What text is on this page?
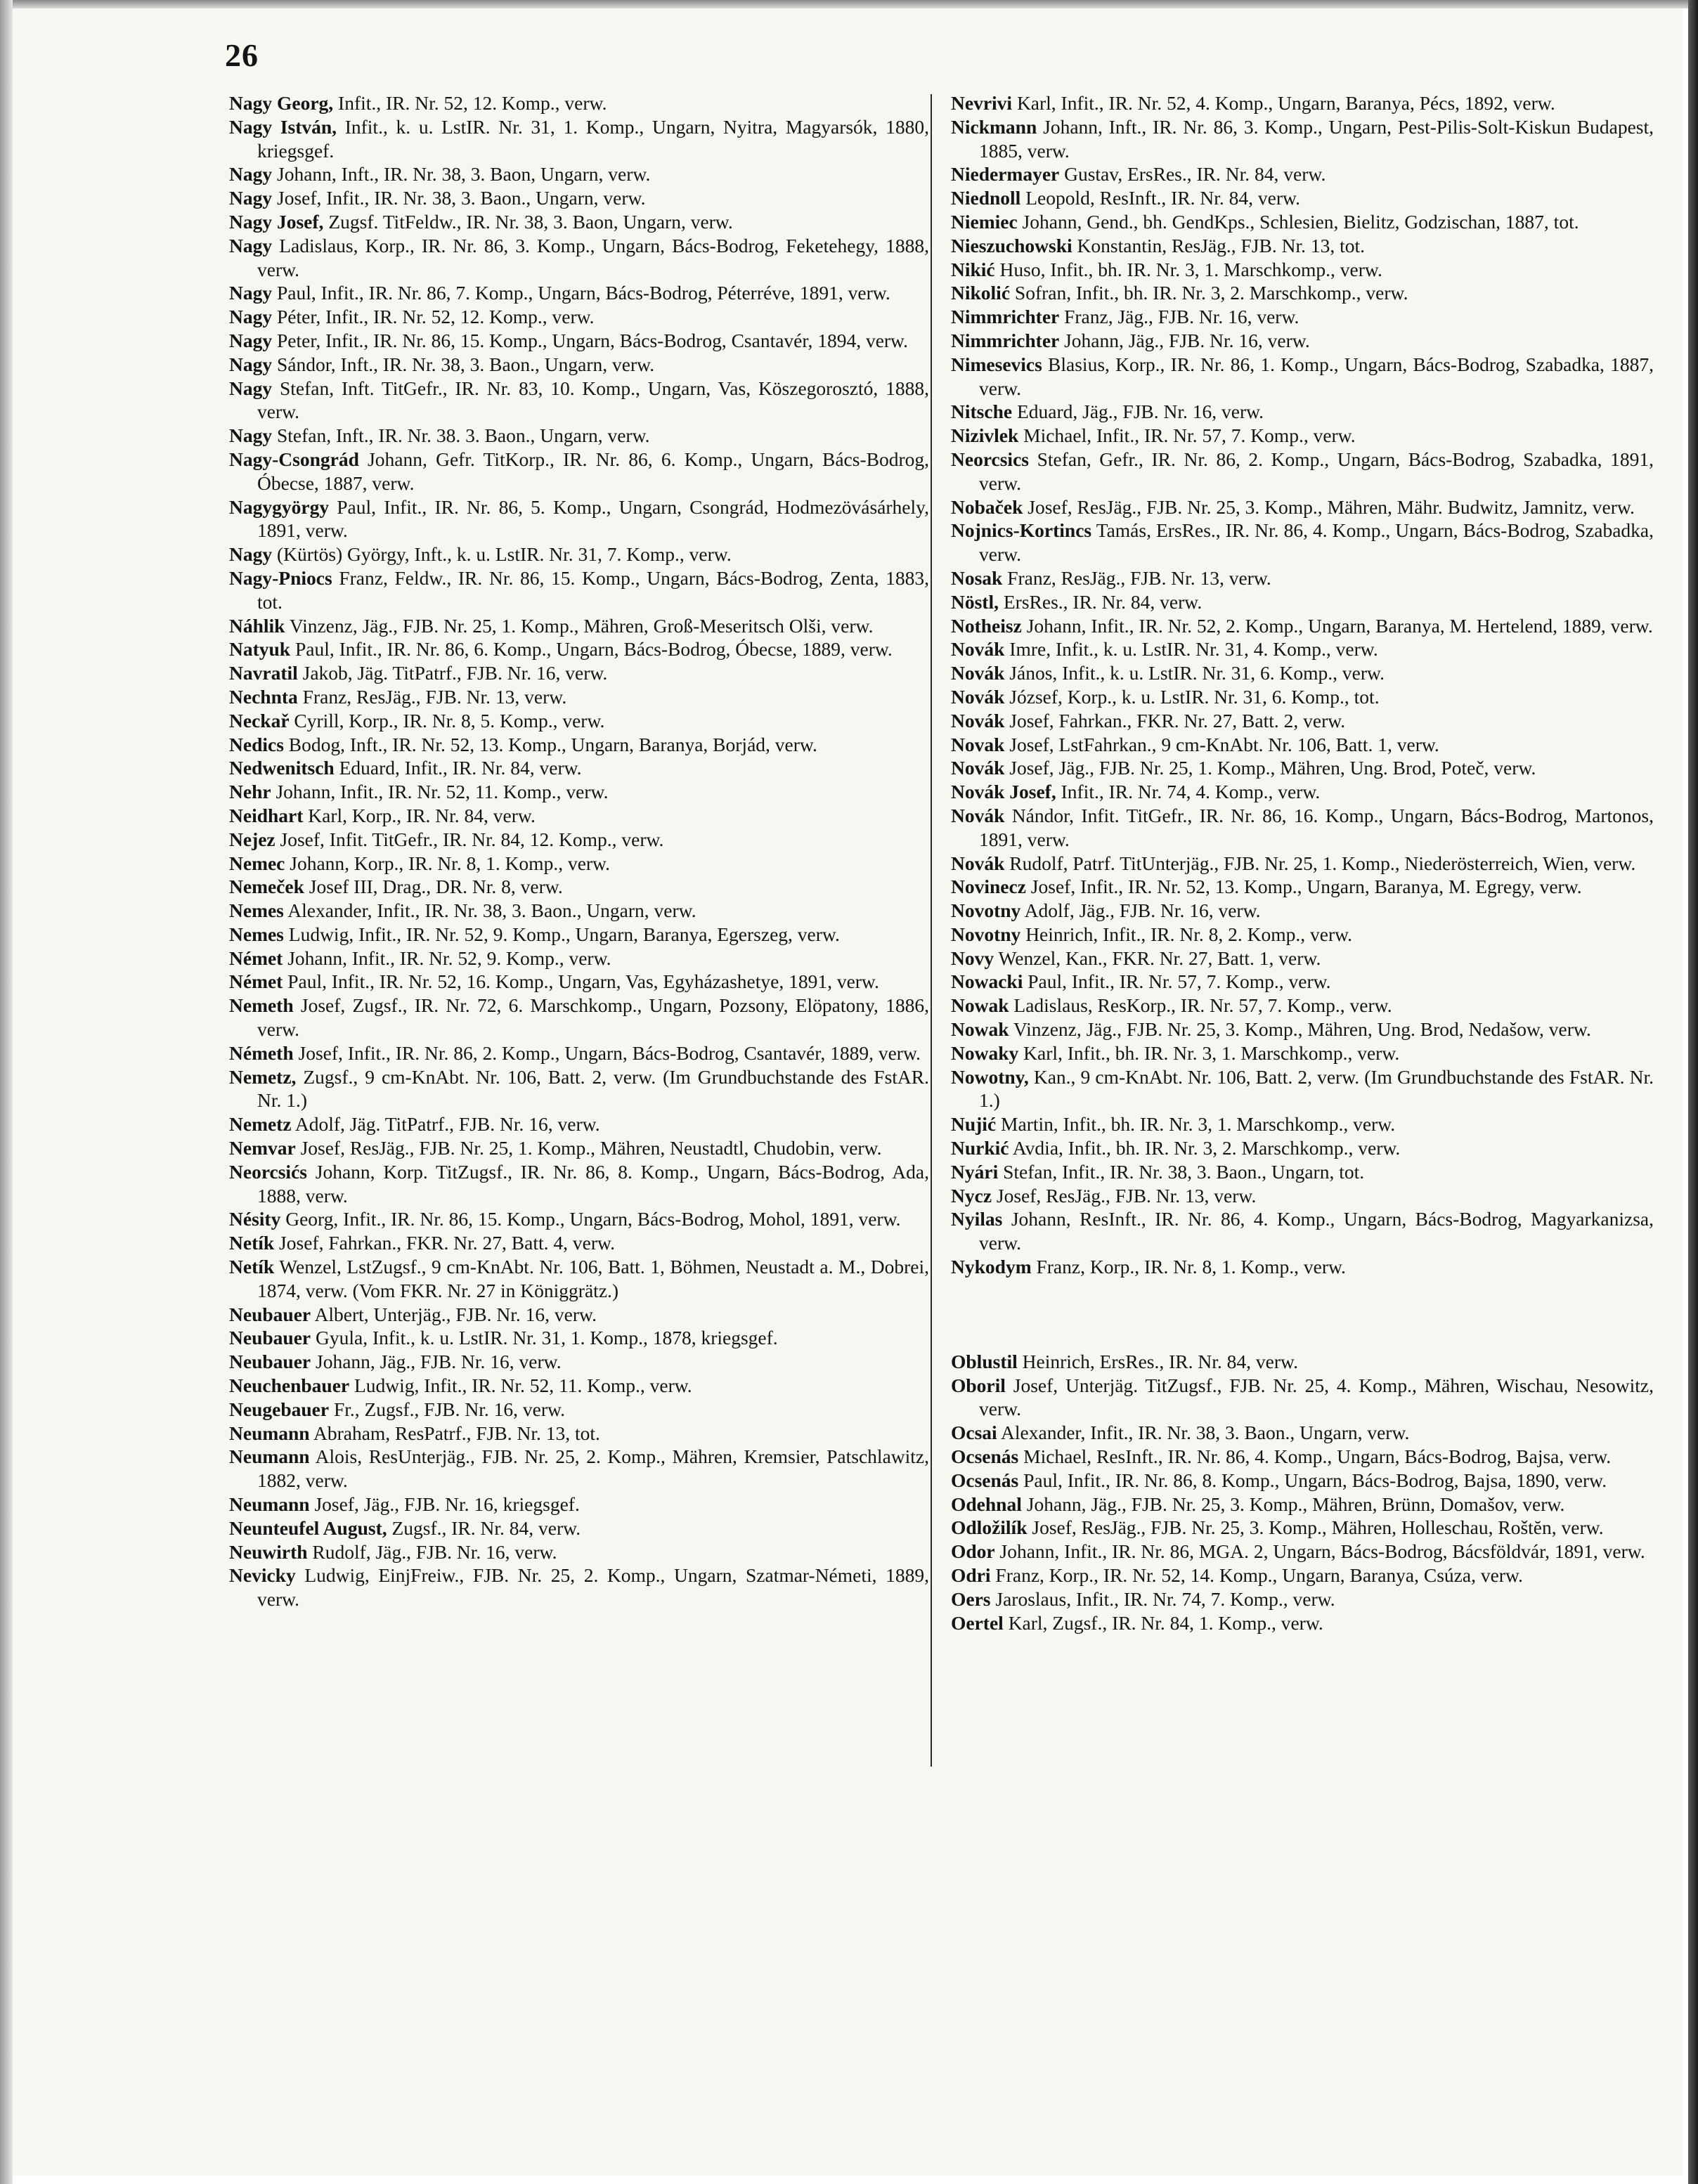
26

Nagy Georg, Infit., IR. Nr. 52, 12. Komp., verw.

Nagy István, Infit., k. u. LstIR. Nr. 31, 1. Komp., Ungarn, Nyitra, Magyarsók, 1880, kriegsgef.

Nagy Johann, Inft., IR. Nr. 38, 3. Baon, Ungarn, verw.

Nagy Josef, Infit., IR. Nr. 38, 3. Baon., Ungarn, verw.

Nagy Josef, Zugsf. TitFeldw., IR. Nr. 38, 3. Baon, Ungarn, verw.

Nagy Ladislaus, Korp., IR. Nr. 86, 3. Komp., Ungarn, Bács-Bodrog, Feketehegy, 1888, verw.

Nagy Paul, Infit., IR. Nr. 86, 7. Komp., Ungarn, Bács-Bodrog, Péterréve, 1891, verw.

Nagy Péter, Infit., IR. Nr. 52, 12. Komp., verw.

Nagy Peter, Infit., IR. Nr. 86, 15. Komp., Ungarn, Bács-Bodrog, Csantavér, 1894, verw.

Nagy Sándor, Inft., IR. Nr. 38, 3. Baon., Ungarn, verw.

Nagy Stefan, Inft. TitGefr., IR. Nr. 83, 10. Komp., Ungarn, Vas, Köszegorosztó, 1888, verw.

Nagy Stefan, Inft., IR. Nr. 38. 3. Baon., Ungarn, verw.

Nagy-Csongrád Johann, Gefr. TitKorp., IR. Nr. 86, 6. Komp., Ungarn, Bács-Bodrog, Óbecse, 1887, verw.

Nagygyörgy Paul, Infit., IR. Nr. 86, 5. Komp., Ungarn, Csongrád, Hodmezövásárhely, 1891, verw.

Nagy (Kürtös) György, Inft., k. u. LstIR. Nr. 31, 7. Komp., verw.

Nagy-Pniocs Franz, Feldw., IR. Nr. 86, 15. Komp., Ungarn, Bács-Bodrog, Zenta, 1883, tot.

Náhlik Vinzenz, Jäg., FJB. Nr. 25, 1. Komp., Mähren, Groß-Meseritsch Olši, verw.

Natyuk Paul, Infit., IR. Nr. 86, 6. Komp., Ungarn, Bács-Bodrog, Óbecse, 1889, verw.

Navratil Jakob, Jäg. TitPatrf., FJB. Nr. 16, verw.

Nechnta Franz, ResJäg., FJB. Nr. 13, verw.

Neckař Cyrill, Korp., IR. Nr. 8, 5. Komp., verw.

Nedics Bodog, Inft., IR. Nr. 52, 13. Komp., Ungarn, Baranya, Borjád, verw.

Nedwenitsch Eduard, Infit., IR. Nr. 84, verw.

Nehr Johann, Infit., IR. Nr. 52, 11. Komp., verw.

Neidhart Karl, Korp., IR. Nr. 84, verw.

Nejez Josef, Infit. TitGefr., IR. Nr. 84, 12. Komp., verw.

Nemec Johann, Korp., IR. Nr. 8, 1. Komp., verw.

Nemeček Josef III, Drag., DR. Nr. 8, verw.

Nemes Alexander, Infit., IR. Nr. 38, 3. Baon., Ungarn, verw.

Nemes Ludwig, Infit., IR. Nr. 52, 9. Komp., Ungarn, Baranya, Egerszeg, verw.

Német Johann, Infit., IR. Nr. 52, 9. Komp., verw.

Német Paul, Infit., IR. Nr. 52, 16. Komp., Ungarn, Vas, Egyházashetye, 1891, verw.

Nemeth Josef, Zugsf., IR. Nr. 72, 6. Marschkomp., Ungarn, Pozsony, Elöpatony, 1886, verw.

Németh Josef, Infit., IR. Nr. 86, 2. Komp., Ungarn, Bács-Bodrog, Csantavér, 1889, verw.

Nemetz, Zugsf., 9 cm-KnAbt. Nr. 106, Batt. 2, verw. (Im Grundbuchstande des FstAR. Nr. 1.)

Nemetz Adolf, Jäg. TitPatrf., FJB. Nr. 16, verw.

Nemvar Josef, ResJäg., FJB. Nr. 25, 1. Komp., Mähren, Neustadtl, Chudobin, verw.

Neorcsićs Johann, Korp. TitZugsf., IR. Nr. 86, 8. Komp., Ungarn, Bács-Bodrog, Ada, 1888, verw.

Nésity Georg, Infit., IR. Nr. 86, 15. Komp., Ungarn, Bács-Bodrog, Mohol, 1891, verw.

Netík Josef, Fahrkan., FKR. Nr. 27, Batt. 4, verw.

Netík Wenzel, LstZugsf., 9 cm-KnAbt. Nr. 106, Batt. 1, Böhmen, Neustadt a. M., Dobrei, 1874, verw. (Vom FKR. Nr. 27 in Königgrätz.)

Neubauer Albert, Unterjäg., FJB. Nr. 16, verw.

Neubauer Gyula, Infit., k. u. LstIR. Nr. 31, 1. Komp., 1878, kriegsgef.

Neubauer Johann, Jäg., FJB. Nr. 16, verw.

Neuchenbauer Ludwig, Infit., IR. Nr. 52, 11. Komp., verw.

Neugebauer Fr., Zugsf., FJB. Nr. 16, verw.

Neumann Abraham, ResPatrf., FJB. Nr. 13, tot.

Neumann Alois, ResUnterjäg., FJB. Nr. 25, 2. Komp., Mähren, Kremsier, Patschlawitz, 1882, verw.

Neumann Josef, Jäg., FJB. Nr. 16, kriegsgef.

Neunteufel August, Zugsf., IR. Nr. 84, verw.

Neuwirth Rudolf, Jäg., FJB. Nr. 16, verw.

Nevicky Ludwig, EinjFreiw., FJB. Nr. 25, 2. Komp., Ungarn, Szatmar-Németi, 1889, verw.

Nevrivi Karl, Infit., IR. Nr. 52, 4. Komp., Ungarn, Baranya, Pécs, 1892, verw.

Nickmann Johann, Inft., IR. Nr. 86, 3. Komp., Ungarn, Pest-Pilis-Solt-Kiskun Budapest, 1885, verw.

Niedermayer Gustav, ErsRes., IR. Nr. 84, verw.

Niednoll Leopold, ResInft., IR. Nr. 84, verw.

Niemiec Johann, Gend., bh. GendKps., Schlesien, Bielitz, Godzischan, 1887, tot.

Nieszuchowski Konstantin, ResJäg., FJB. Nr. 13, tot.

Nikić Huso, Infit., bh. IR. Nr. 3, 1. Marschkomp., verw.

Nikolić Sofran, Infit., bh. IR. Nr. 3, 2. Marschkomp., verw.

Nimmrichter Franz, Jäg., FJB. Nr. 16, verw.

Nimmrichter Johann, Jäg., FJB. Nr. 16, verw.

Nimesevics Blasius, Korp., IR. Nr. 86, 1. Komp., Ungarn, Bács-Bodrog, Szabadka, 1887, verw.

Nitsche Eduard, Jäg., FJB. Nr. 16, verw.

Nizivlek Michael, Infit., IR. Nr. 57, 7. Komp., verw.

Neorcsics Stefan, Gefr., IR. Nr. 86, 2. Komp., Ungarn, Bács-Bodrog, Szabadka, 1891, verw.

Nobaček Josef, ResJäg., FJB. Nr. 25, 3. Komp., Mähren, Mähr. Budwitz, Jamnitz, verw.

Nojnics-Kortincs Tamás, ErsRes., IR. Nr. 86, 4. Komp., Ungarn, Bács-Bodrog, Szabadka, verw.

Nosak Franz, ResJäg., FJB. Nr. 13, verw.

Nöstl, ErsRes., IR. Nr. 84, verw.

Notheisz Johann, Infit., IR. Nr. 52, 2. Komp., Ungarn, Baranya, M. Hertelend, 1889, verw.

Novák Imre, Infit., k. u. LstIR. Nr. 31, 4. Komp., verw.

Novák János, Infit., k. u. LstIR. Nr. 31, 6. Komp., verw.

Novák József, Korp., k. u. LstIR. Nr. 31, 6. Komp., tot.

Novák Josef, Fahrkan., FKR. Nr. 27, Batt. 2, verw.

Novak Josef, LstFahrkan., 9 cm-KnAbt. Nr. 106, Batt. 1, verw.

Novák Josef, Jäg., FJB. Nr. 25, 1. Komp., Mähren, Ung. Brod, Poteč, verw.

Novák Josef, Infit., IR. Nr. 74, 4. Komp., verw.

Novák Nándor, Infit. TitGefr., IR. Nr. 86, 16. Komp., Ungarn, Bács-Bodrog, Martonos, 1891, verw.

Novák Rudolf, Patrf. TitUnterjäg., FJB. Nr. 25, 1. Komp., Niederösterreich, Wien, verw.

Novinecz Josef, Infit., IR. Nr. 52, 13. Komp., Ungarn, Baranya, M. Egregy, verw.

Novotny Adolf, Jäg., FJB. Nr. 16, verw.

Novotny Heinrich, Infit., IR. Nr. 8, 2. Komp., verw.

Novy Wenzel, Kan., FKR. Nr. 27, Batt. 1, verw.

Nowacki Paul, Infit., IR. Nr. 57, 7. Komp., verw.

Nowak Ladislaus, ResKorp., IR. Nr. 57, 7. Komp., verw.

Nowak Vinzenz, Jäg., FJB. Nr. 25, 3. Komp., Mähren, Ung. Brod, Nedašow, verw.

Nowaky Karl, Infit., bh. IR. Nr. 3, 1. Marschkomp., verw.

Nowotny, Kan., 9 cm-KnAbt. Nr. 106, Batt. 2, verw. (Im Grundbuchstande des FstAR. Nr. 1.)

Nujić Martin, Infit., bh. IR. Nr. 3, 1. Marschkomp., verw.

Nurkić Avdia, Infit., bh. IR. Nr. 3, 2. Marschkomp., verw.

Nyári Stefan, Infit., IR. Nr. 38, 3. Baon., Ungarn, tot.

Nycz Josef, ResJäg., FJB. Nr. 13, verw.

Nyilas Johann, ResInft., IR. Nr. 86, 4. Komp., Ungarn, Bács-Bodrog, Magyarkanizsa, verw.

Nykodym Franz, Korp., IR. Nr. 8, 1. Komp., verw.

Oblustil Heinrich, ErsRes., IR. Nr. 84, verw.

Oboril Josef, Unterjäg. TitZugsf., FJB. Nr. 25, 4. Komp., Mähren, Wischau, Nesowitz, verw.

Ocsai Alexander, Infit., IR. Nr. 38, 3. Baon., Ungarn, verw.

Ocsenás Michael, ResInft., IR. Nr. 86, 4. Komp., Ungarn, Bács-Bodrog, Bajsa, verw.

Ocsenás Paul, Infit., IR. Nr. 86, 8. Komp., Ungarn, Bács-Bodrog, Bajsa, 1890, verw.

Odehnal Johann, Jäg., FJB. Nr. 25, 3. Komp., Mähren, Brünn, Domašov, verw.

Odložilík Josef, ResJäg., FJB. Nr. 25, 3. Komp., Mähren, Holleschau, Roštĕn, verw.

Odor Johann, Infit., IR. Nr. 86, MGA. 2, Ungarn, Bács-Bodrog, Bácsföldvár, 1891, verw.

Odri Franz, Korp., IR. Nr. 52, 14. Komp., Ungarn, Baranya, Csúza, verw.

Oers Jaroslaus, Infit., IR. Nr. 74, 7. Komp., verw.

Oertel Karl, Zugsf., IR. Nr. 84, 1. Komp., verw.
